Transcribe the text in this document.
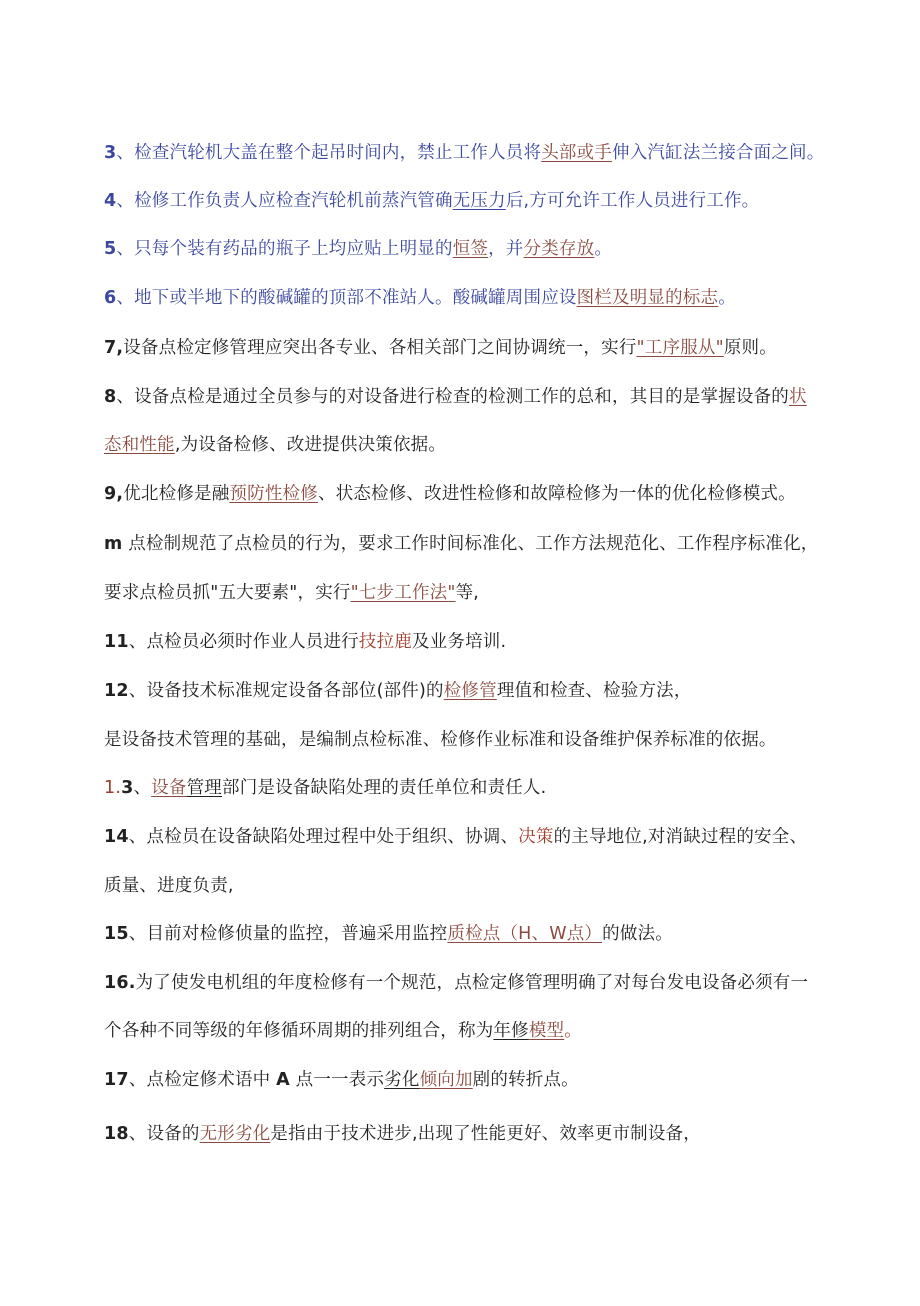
3、检查汽轮机大盖在整个起吊时间内，禁止工作人员将头部或手伸入汽缸法兰接合面之间。
4、检修工作负责人应检查汽轮机前蒸汽管确无压力后,方可允许工作人员进行工作。
5、只每个装有药品的瓶子上均应贴上明显的恒签，并分类存放。
6、地下或半地下的酸碱罐的顶部不准站人。酸碱罐周围应设图栏及明显的标志。
7,设备点检定修管理应突出各专业、各相关部门之间协调统一，实行"工序服从"原则。
8、设备点检是通过全员参与的对设备进行检查的检测工作的总和，其目的是掌握设备的状
态和性能,为设备检修、改进提供决策依据。
9,优北检修是融预防性检修、状态检修、改进性检修和故障检修为一体的优化检修模式。
m 点检制规范了点检员的行为，要求工作时间标准化、工作方法规范化、工作程序标准化，
要求点检员抓"五大要素"，实行"七步工作法"等,
11、点检员必须时作业人员进行技拉鹿及业务培训.
12、设备技术标准规定设备各部位(部件)的检修管理值和检查、检验方法，
是设备技术管理的基础，是编制点检标准、检修作业标准和设备维护保养标准的依据。
1.3、设备管理部门是设备缺陷处理的责任单位和责任人.
14、点检员在设备缺陷处理过程中处于组织、协调、决策的主导地位,对消缺过程的安全、
质量、进度负责,
15、目前对检修侦量的监控，普遍采用监控质检点（H、W点）的做法。
16.为了使发电机组的年度检修有一个规范，点检定修管理明确了对每台发电设备必须有一
个各种不同等级的年修循环周期的排列组合，称为年修模型。
17、点检定修术语中 A 点一一表示劣化倾向加剧的转折点。
18、设备的无形劣化是指由于技术进步,出现了性能更好、效率更市制设备，
